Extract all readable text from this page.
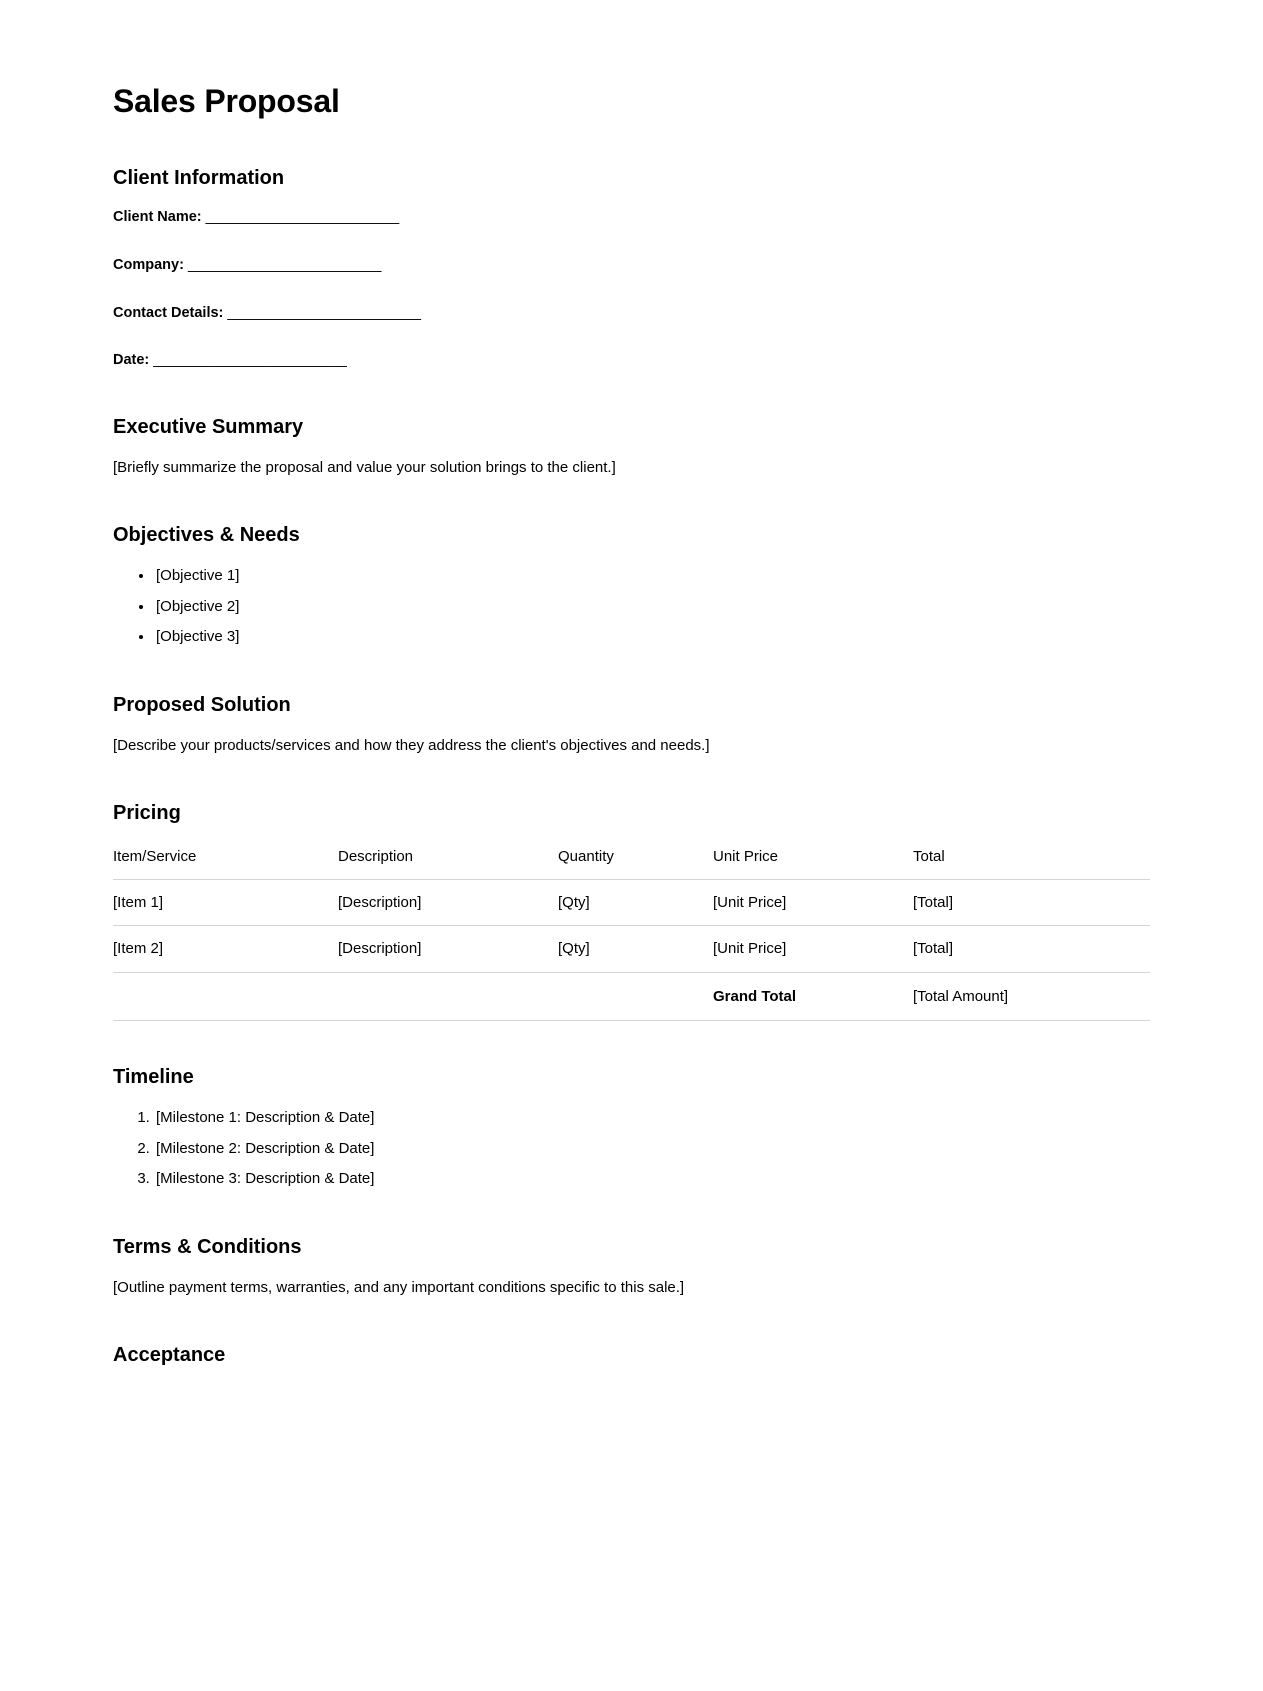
Sales Proposal
Client Information
Client Name: ________________________
Company: ________________________
Contact Details: ________________________
Date: ________________________
Executive Summary

[Briefly summarize the proposal and value your solution brings to the client.]

Objectives & Needs
• [Objective 1]
• [Objective 2]
• [Objective 3]
Proposed Solution

[Describe your products/services and how they address the client's objectives and needs.]

Pricing
Item/Service	Description	Quantity	Unit Price	Total
[Item 1]	[Description]	[Qty]	[Unit Price]	[Total]
[Item 2]	[Description]	[Qty]	[Unit Price]	[Total]
			Grand Total	[Total Amount]
Timeline
1. [Milestone 1: Description & Date]
2. [Milestone 2: Description & Date]
3. [Milestone 3: Description & Date]
Terms & Conditions

[Outline payment terms, warranties, and any important conditions specific to this sale.]

Acceptance
